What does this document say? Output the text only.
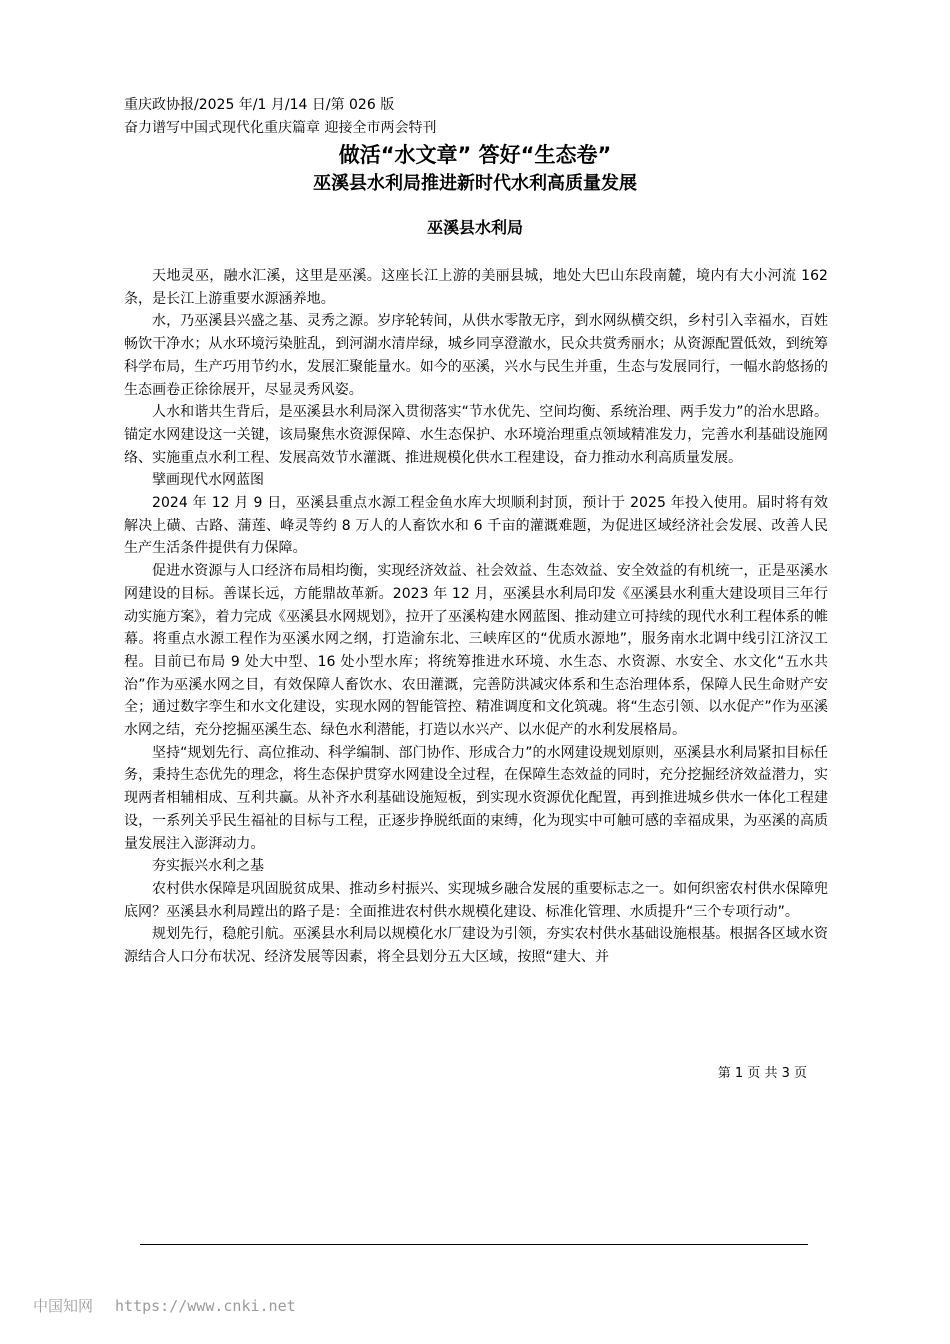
重庆政协报/2025 年/1 月/14 日/第 026 版
奋力谱写中国式现代化重庆篇章 迎接全市两会特刊
做活“水文章” 答好“生态卷”
巫溪县水利局推进新时代水利高质量发展
巫溪县水利局

天地灵巫，融水汇溪，这里是巫溪。这座长江上游的美丽县城，地处大巴山东段南麓，境内有大小河流 162 条，是长江上游重要水源涵养地。

水，乃巫溪县兴盛之基、灵秀之源。岁序轮转间，从供水零散无序，到水网纵横交织，乡村引入幸福水，百姓畅饮干净水；从水环境污染脏乱，到河湖水清岸绿，城乡同享澄澈水，民众共赏秀丽水；从资源配置低效，到统筹科学布局，生产巧用节约水，发展汇聚能量水。如今的巫溪，兴水与民生并重，生态与发展同行，一幅水韵悠扬的生态画卷正徐徐展开，尽显灵秀风姿。

人水和谐共生背后，是巫溪县水利局深入贯彻落实“节水优先、空间均衡、系统治理、两手发力”的治水思路。锚定水网建设这一关键，该局聚焦水资源保障、水生态保护、水环境治理重点领域精准发力，完善水利基础设施网络、实施重点水利工程、发展高效节水灌溉、推进规模化供水工程建设，奋力推动水利高质量发展。

擘画现代水网蓝图

2024 年 12 月 9 日，巫溪县重点水源工程金鱼水库大坝顺利封顶，预计于 2025 年投入使用。届时将有效解决上磺、古路、蒲莲、峰灵等约 8 万人的人畜饮水和 6 千亩的灌溉难题，为促进区域经济社会发展、改善人民生产生活条件提供有力保障。

促进水资源与人口经济布局相均衡，实现经济效益、社会效益、生态效益、安全效益的有机统一，正是巫溪水网建设的目标。善谋长远，方能鼎故革新。2023 年 12 月，巫溪县水利局印发《巫溪县水利重大建设项目三年行动实施方案》，着力完成《巫溪县水网规划》，拉开了巫溪构建水网蓝图、推动建立可持续的现代水利工程体系的帷幕。将重点水源工程作为巫溪水网之纲，打造渝东北、三峡库区的“优质水源地”，服务南水北调中线引江济汉工程。目前已布局 9 处大中型、16 处小型水库；将统筹推进水环境、水生态、水资源、水安全、水文化“五水共治”作为巫溪水网之目，有效保障人畜饮水、农田灌溉，完善防洪减灾体系和生态治理体系，保障人民生命财产安全；通过数字孪生和水文化建设，实现水网的智能管控、精准调度和文化筑魂。将“生态引领、以水促产”作为巫溪水网之结，充分挖掘巫溪生态、绿色水利潜能，打造以水兴产、以水促产的水利发展格局。

坚持“规划先行、高位推动、科学编制、部门协作、形成合力”的水网建设规划原则，巫溪县水利局紧扣目标任务，秉持生态优先的理念，将生态保护贯穿水网建设全过程，在保障生态效益的同时，充分挖掘经济效益潜力，实现两者相辅相成、互利共赢。从补齐水利基础设施短板，到实现水资源优化配置，再到推进城乡供水一体化工程建设，一系列关乎民生福祉的目标与工程，正逐步挣脱纸面的束缚，化为现实中可触可感的幸福成果，为巫溪的高质量发展注入澎湃动力。

夯实振兴水利之基

农村供水保障是巩固脱贫成果、推动乡村振兴、实现城乡融合发展的重要标志之一。如何织密农村供水保障兜底网？巫溪县水利局蹚出的路子是：全面推进农村供水规模化建设、标准化管理、水质提升“三个专项行动”。

规划先行，稳舵引航。巫溪县水利局以规模化水厂建设为引领，夯实农村供水基础设施根基。根据各区域水资源结合人口分布状况、经济发展等因素，将全县划分五大区域，按照“建大、并

第 1 页 共 3 页
中国知网 https://www.cnki.net
